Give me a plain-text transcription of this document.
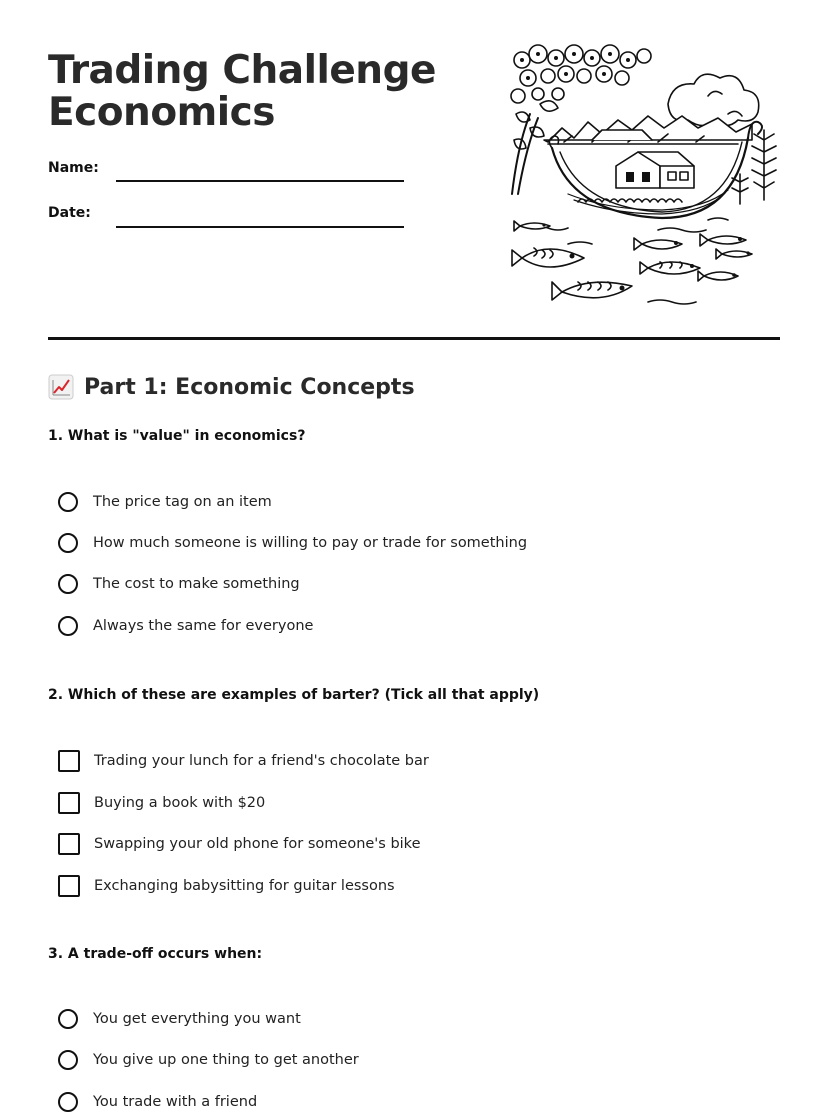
Trading Challenge
Economics
Name:
Date:
Part 1: Economic Concepts

1. What is "value" in economics?

The price tag on an item
How much someone is willing to pay or trade for something
The cost to make something
Always the same for everyone

2. Which of these are examples of barter? (Tick all that apply)

Trading your lunch for a friend's chocolate bar
Buying a book with $20
Swapping your old phone for someone's bike
Exchanging babysitting for guitar lessons

3. A trade-off occurs when:

You get everything you want
You give up one thing to get another
You trade with a friend
